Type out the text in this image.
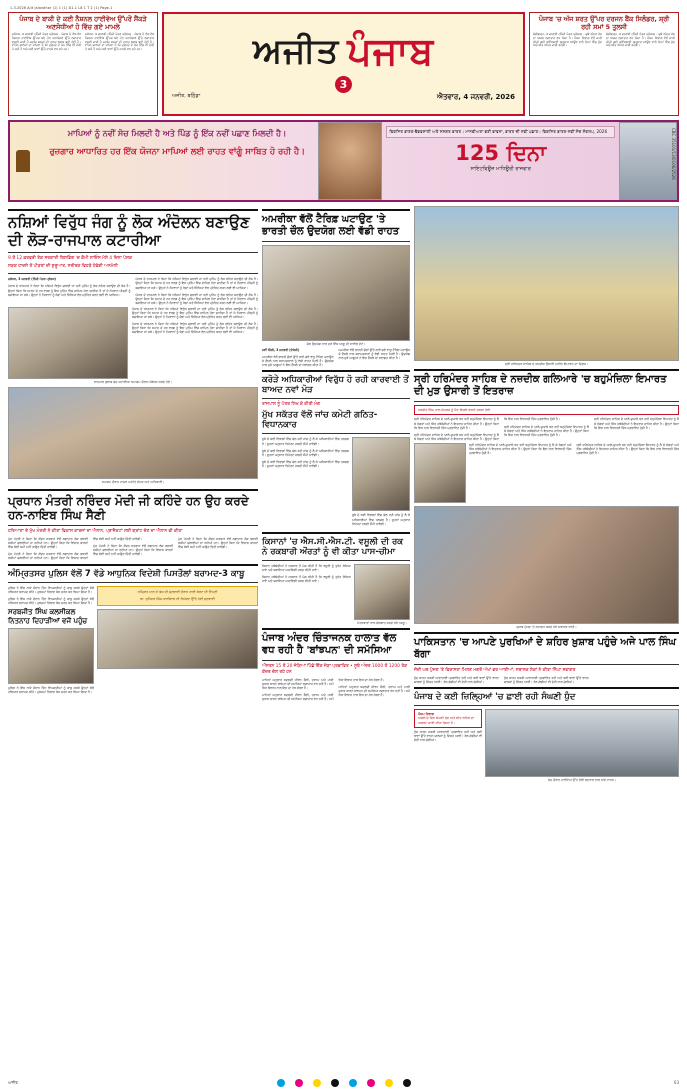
1-3-2026 Ajit Jalandhar (1) 1 (1) D1-1 L8 1 T 2 (1) Page-1
ਪੰਜਾਬ ਦੇ ਬਾਕੀ ਦੇ ਕਈ ਨੈਸ਼ਨਲ ਹਾਈਵੇਅ ਉੱਪਰੋਂ ਸੈਂਕੜੇ ਅਣਸੋਧੀਆਂ ਹੋ ਵਿੱਚ ਗਏ ਮਾਮਲੇ

ਜਲੰਧਰ, 4 ਜਨਵਰੀ (ਨਿੱਜੀ ਪੱਤਰ ਪ੍ਰੇਰਕ) - ਪੰਜਾਬ ਦੇ ਵੱਖ-ਵੱਖ ਨੈਸ਼ਨਲ ਹਾਈਵੇਅ ਉੱਪਰ ਬਣੇ ਟੋਲ ਪਲਾਜ਼ਿਆਂ ਉੱਤੇ ਲਗਾਤਾਰ ਵਸੂਲੀ ਜਾਰੀ ਹੈ ਜਦਕਿ ਸੜਕਾਂ ਦੀ ਹਾਲਤ ਖ਼ਰਾਬ ਬਣੀ ਹੋਈ ਹੈ। ਵਾਹਨ ਚਾਲਕਾਂ ਦਾ ਕਹਿਣਾ ਹੈ ਕਿ ਮੁਰੰਮਤ ਦੇ ਕੰਮ ਵਿੱਚ ਵੀ ਦੇਰੀ ਹੋ ਰਹੀ ਹੈ ਅਤੇ ਕਈ ਥਾਵਾਂ ਉੱਤੇ ਹਾਦਸੇ ਵਧ ਰਹੇ ਹਨ।

ਜਲੰਧਰ, 4 ਜਨਵਰੀ (ਨਿੱਜੀ ਪੱਤਰ ਪ੍ਰੇਰਕ) - ਪੰਜਾਬ ਦੇ ਵੱਖ-ਵੱਖ ਨੈਸ਼ਨਲ ਹਾਈਵੇਅ ਉੱਪਰ ਬਣੇ ਟੋਲ ਪਲਾਜ਼ਿਆਂ ਉੱਤੇ ਲਗਾਤਾਰ ਵਸੂਲੀ ਜਾਰੀ ਹੈ ਜਦਕਿ ਸੜਕਾਂ ਦੀ ਹਾਲਤ ਖ਼ਰਾਬ ਬਣੀ ਹੋਈ ਹੈ। ਵਾਹਨ ਚਾਲਕਾਂ ਦਾ ਕਹਿਣਾ ਹੈ ਕਿ ਮੁਰੰਮਤ ਦੇ ਕੰਮ ਵਿੱਚ ਵੀ ਦੇਰੀ ਹੋ ਰਹੀ ਹੈ ਅਤੇ ਕਈ ਥਾਵਾਂ ਉੱਤੇ ਹਾਦਸੇ ਵਧ ਰਹੇ ਹਨ।	ਅਜੀਤ ਪੰਜਾਬ
3
ਅਜੀਤ, ਬਠਿੰਡਾ	ਐਤਵਾਰ, 4 ਜਨਵਰੀ, 2026
ਪੰਜਾਬ 'ਚ ਅੱਜ ਸ਼ਰਤ ਉੱਪਰ ਦਰਜਨ ਬੈਂਕ ਸਿਲੰਡਰ, ਸ਼੍ਰੀ ਰਹੀ ਸਮਾਂ 5 ਤੁਲਸੀ

ਚੰਡੀਗੜ੍ਹ, 4 ਜਨਵਰੀ (ਨਿੱਜੀ ਪੱਤਰ ਪ੍ਰੇਰਕ) - ਸੂਬੇ ਅੰਦਰ ਠੰਢ ਦਾ ਅਸਰ ਲਗਾਤਾਰ ਵਧ ਰਿਹਾ ਹੈ। ਮੌਸਮ ਵਿਭਾਗ ਵੱਲੋਂ ਜਾਰੀ ਕੀਤੀ ਗਈ ਭਵਿੱਖਬਾਣੀ ਅਨੁਸਾਰ ਆਉਣ ਵਾਲੇ ਦਿਨਾਂ ਵਿੱਚ ਧੁੰਦ ਅਤੇ ਸੀਤ ਲਹਿਰ ਜਾਰੀ ਰਹੇਗੀ।

ਚੰਡੀਗੜ੍ਹ, 4 ਜਨਵਰੀ (ਨਿੱਜੀ ਪੱਤਰ ਪ੍ਰੇਰਕ) - ਸੂਬੇ ਅੰਦਰ ਠੰਢ ਦਾ ਅਸਰ ਲਗਾਤਾਰ ਵਧ ਰਿਹਾ ਹੈ। ਮੌਸਮ ਵਿਭਾਗ ਵੱਲੋਂ ਜਾਰੀ ਕੀਤੀ ਗਈ ਭਵਿੱਖਬਾਣੀ ਅਨੁਸਾਰ ਆਉਣ ਵਾਲੇ ਦਿਨਾਂ ਵਿੱਚ ਧੁੰਦ ਅਤੇ ਸੀਤ ਲਹਿਰ ਜਾਰੀ ਰਹੇਗੀ।

ਮਾਪਿਆਂ ਨੂੰ ਨਵੀਂ ਸੋਚ ਮਿਲਦੀ ਹੈ ਅਤੇ ਪਿੰਡ ਨੂੰ ਇੱਕ ਨਵੀਂ ਪਛਾਣ ਮਿਲਦੀ ਹੈ।
ਰੁਜ਼ਗਾਰ ਆਧਾਰਿਤ ਹਰ ਇੱਕ ਯੋਜਨਾ ਮਾਪਿਆਂ ਲਈ ਰਾਹਤ ਵਾਂਗੂੰ ਸਾਬਿਤ ਹੋ ਰਹੀ ਹੈ।
ਵਿਕਸਿਤ ਭਾਰਤ-ਵੈਭਵਸ਼ਾਲੀ ਅਤੇ ਸਸ਼ਕਤ ਭਾਰਤ। ਮਾਨਵੀਅਤਾ ਭਰੀ ਭਾਵਨਾ, ਭਾਰਤ ਦੀ ਨਵੀਂ ਪਛਾਣ। ਵਿਕਸਿਤ ਭਾਰਤ-ਨਵੀਂ ਸੋਚ ਸੰਕਲਪ, 2026
125 ਦਿਨਾ
ਸਾਇਟਵਿਊਜ਼ ਮਾਧਿਊਰੀ ਰਾਜਵਾਰ	CBC 35101/13/0106/2526
ਨਸ਼ਿਆਂ ਵਿਰੁੱਧ ਜੰਗ ਨੂੰ ਲੋਕ ਅੰਦੋਲਨ ਬਣਾਉਣ ਦੀ ਲੋੜ-ਰਾਜਪਾਲ ਕਟਾਰੀਆ
9 ਤੋਂ 12 ਫ਼ਰਵਰੀ ਤੱਕ ਸਰਕਾਰੀ ਬਿਲਡਿੰਗ 'ਚ ਕੌਮੀ ਸਾਇੰਸ ਮੇਲੇ 4 ਦਿਨਾ ਪੇਸ਼ਕ
ਸੜਕ ਹਾਦਸੇ ਤੋਂ ਪੀੜਤਾਂ ਦੀ ਸ਼ੁਰੂਆਤ, ਸਰੀਰਕ ਵਿਹੜੇ ਹੋਵੇਗੀ ਅਨਮੋਲੀ

ਜਲੰਧਰ, 3 ਜਨਵਰੀ (ਨਿੱਜੀ ਪੱਤਰ ਪ੍ਰੇਰਕ)

ਪੰਜਾਬ ਦੇ ਰਾਜਪਾਲ ਨੇ ਕਿਹਾ ਕਿ ਨਸ਼ਿਆਂ ਵਿਰੁੱਧ ਚਲਾਈ ਜਾ ਰਹੀ ਮੁਹਿੰਮ ਨੂੰ ਲੋਕ ਲਹਿਰ ਬਣਾਉਣ ਦੀ ਲੋੜ ਹੈ। ਉਨ੍ਹਾਂ ਕਿਹਾ ਕਿ ਸਮਾਜ ਦੇ ਹਰ ਵਰਗ ਨੂੰ ਇਸ ਮੁਹਿੰਮ ਵਿੱਚ ਸ਼ਾਮਿਲ ਹੋਣਾ ਚਾਹੀਦਾ ਹੈ ਤਾਂ ਜੋ ਨੌਜਵਾਨ ਪੀੜ੍ਹੀ ਨੂੰ ਬਚਾਇਆ ਜਾ ਸਕੇ। ਉਨ੍ਹਾਂ ਨੇ ਨੌਜਵਾਨਾਂ ਨੂੰ ਖੇਡਾਂ ਅਤੇ ਸਿੱਖਿਆ ਵੱਲ ਪ੍ਰੇਰਿਤ ਕਰਨ ਲਈ ਵੀ ਆਖਿਆ।

ਪੰਜਾਬ ਦੇ ਰਾਜਪਾਲ ਨੇ ਕਿਹਾ ਕਿ ਨਸ਼ਿਆਂ ਵਿਰੁੱਧ ਚਲਾਈ ਜਾ ਰਹੀ ਮੁਹਿੰਮ ਨੂੰ ਲੋਕ ਲਹਿਰ ਬਣਾਉਣ ਦੀ ਲੋੜ ਹੈ। ਉਨ੍ਹਾਂ ਕਿਹਾ ਕਿ ਸਮਾਜ ਦੇ ਹਰ ਵਰਗ ਨੂੰ ਇਸ ਮੁਹਿੰਮ ਵਿੱਚ ਸ਼ਾਮਿਲ ਹੋਣਾ ਚਾਹੀਦਾ ਹੈ ਤਾਂ ਜੋ ਨੌਜਵਾਨ ਪੀੜ੍ਹੀ ਨੂੰ ਬਚਾਇਆ ਜਾ ਸਕੇ। ਉਨ੍ਹਾਂ ਨੇ ਨੌਜਵਾਨਾਂ ਨੂੰ ਖੇਡਾਂ ਅਤੇ ਸਿੱਖਿਆ ਵੱਲ ਪ੍ਰੇਰਿਤ ਕਰਨ ਲਈ ਵੀ ਆਖਿਆ।

ਪੰਜਾਬ ਦੇ ਰਾਜਪਾਲ ਨੇ ਕਿਹਾ ਕਿ ਨਸ਼ਿਆਂ ਵਿਰੁੱਧ ਚਲਾਈ ਜਾ ਰਹੀ ਮੁਹਿੰਮ ਨੂੰ ਲੋਕ ਲਹਿਰ ਬਣਾਉਣ ਦੀ ਲੋੜ ਹੈ। ਉਨ੍ਹਾਂ ਕਿਹਾ ਕਿ ਸਮਾਜ ਦੇ ਹਰ ਵਰਗ ਨੂੰ ਇਸ ਮੁਹਿੰਮ ਵਿੱਚ ਸ਼ਾਮਿਲ ਹੋਣਾ ਚਾਹੀਦਾ ਹੈ ਤਾਂ ਜੋ ਨੌਜਵਾਨ ਪੀੜ੍ਹੀ ਨੂੰ ਬਚਾਇਆ ਜਾ ਸਕੇ। ਉਨ੍ਹਾਂ ਨੇ ਨੌਜਵਾਨਾਂ ਨੂੰ ਖੇਡਾਂ ਅਤੇ ਸਿੱਖਿਆ ਵੱਲ ਪ੍ਰੇਰਿਤ ਕਰਨ ਲਈ ਵੀ ਆਖਿਆ।

ਪੰਜਾਬ ਦੇ ਰਾਜਪਾਲ ਨੇ ਕਿਹਾ ਕਿ ਨਸ਼ਿਆਂ ਵਿਰੁੱਧ ਚਲਾਈ ਜਾ ਰਹੀ ਮੁਹਿੰਮ ਨੂੰ ਲੋਕ ਲਹਿਰ ਬਣਾਉਣ ਦੀ ਲੋੜ ਹੈ। ਉਨ੍ਹਾਂ ਕਿਹਾ ਕਿ ਸਮਾਜ ਦੇ ਹਰ ਵਰਗ ਨੂੰ ਇਸ ਮੁਹਿੰਮ ਵਿੱਚ ਸ਼ਾਮਿਲ ਹੋਣਾ ਚਾਹੀਦਾ ਹੈ ਤਾਂ ਜੋ ਨੌਜਵਾਨ ਪੀੜ੍ਹੀ ਨੂੰ ਬਚਾਇਆ ਜਾ ਸਕੇ। ਉਨ੍ਹਾਂ ਨੇ ਨੌਜਵਾਨਾਂ ਨੂੰ ਖੇਡਾਂ ਅਤੇ ਸਿੱਖਿਆ ਵੱਲ ਪ੍ਰੇਰਿਤ ਕਰਨ ਲਈ ਵੀ ਆਖਿਆ।

ਪੰਜਾਬ ਦੇ ਰਾਜਪਾਲ ਨੇ ਕਿਹਾ ਕਿ ਨਸ਼ਿਆਂ ਵਿਰੁੱਧ ਚਲਾਈ ਜਾ ਰਹੀ ਮੁਹਿੰਮ ਨੂੰ ਲੋਕ ਲਹਿਰ ਬਣਾਉਣ ਦੀ ਲੋੜ ਹੈ। ਉਨ੍ਹਾਂ ਕਿਹਾ ਕਿ ਸਮਾਜ ਦੇ ਹਰ ਵਰਗ ਨੂੰ ਇਸ ਮੁਹਿੰਮ ਵਿੱਚ ਸ਼ਾਮਿਲ ਹੋਣਾ ਚਾਹੀਦਾ ਹੈ ਤਾਂ ਜੋ ਨੌਜਵਾਨ ਪੀੜ੍ਹੀ ਨੂੰ ਬਚਾਇਆ ਜਾ ਸਕੇ। ਉਨ੍ਹਾਂ ਨੇ ਨੌਜਵਾਨਾਂ ਨੂੰ ਖੇਡਾਂ ਅਤੇ ਸਿੱਖਿਆ ਵੱਲ ਪ੍ਰੇਰਿਤ ਕਰਨ ਲਈ ਵੀ ਆਖਿਆ।

ਰਾਜਪਾਲ ਗੁਲਾਬ ਚੰਦ ਕਟਾਰੀਆ ਸਮਾਗਮ ਦੌਰਾਨ ਸੰਬੋਧਨ ਕਰਦੇ ਹੋਏ।
ਸਮਾਗਮ ਦੌਰਾਨ ਹਾਜ਼ਰ ਪਤਵੰਤੇ ਸੱਜਣ ਅਤੇ ਅਧਿਕਾਰੀ।
ਪ੍ਰਧਾਨ ਮੰਤਰੀ ਨਰਿੰਦਰ ਮੋਦੀ ਜੀ ਕਹਿੰਦੇ ਹਨ ਉਹ ਕਰਦੇ ਹਨ-ਨਾਇਬ ਸਿੰਘ ਸੈਣੀ
ਹਰਿਆਣਾ ਦੇ ਮੁੱਖ ਮੰਤਰੀ ਨੇ ਕੀਤਾ ਵਿਕਾਸ ਕਾਰਜਾਂ ਦਾ ਐਲਾਨ, ਪ੍ਰਾਜੈਕਟਾਂ ਲਈ ਗ੍ਰਾਂਟ ਦੇਣ ਦਾ ਐਲਾਨ ਵੀ ਕੀਤਾ

ਮੁੱਖ ਮੰਤਰੀ ਨੇ ਕਿਹਾ ਕਿ ਕੇਂਦਰ ਸਰਕਾਰ ਵੱਲੋਂ ਲਗਾਤਾਰ ਲੋਕ ਭਲਾਈ ਸਕੀਮਾਂ ਚਲਾਈਆਂ ਜਾ ਰਹੀਆਂ ਹਨ। ਉਨ੍ਹਾਂ ਕਿਹਾ ਕਿ ਵਿਕਾਸ ਕਾਰਜਾਂ ਵਿੱਚ ਕੋਈ ਕਮੀ ਨਹੀਂ ਆਉਣ ਦਿੱਤੀ ਜਾਵੇਗੀ।

ਮੁੱਖ ਮੰਤਰੀ ਨੇ ਕਿਹਾ ਕਿ ਕੇਂਦਰ ਸਰਕਾਰ ਵੱਲੋਂ ਲਗਾਤਾਰ ਲੋਕ ਭਲਾਈ ਸਕੀਮਾਂ ਚਲਾਈਆਂ ਜਾ ਰਹੀਆਂ ਹਨ। ਉਨ੍ਹਾਂ ਕਿਹਾ ਕਿ ਵਿਕਾਸ ਕਾਰਜਾਂ ਵਿੱਚ ਕੋਈ ਕਮੀ ਨਹੀਂ ਆਉਣ ਦਿੱਤੀ ਜਾਵੇਗੀ।

ਮੁੱਖ ਮੰਤਰੀ ਨੇ ਕਿਹਾ ਕਿ ਕੇਂਦਰ ਸਰਕਾਰ ਵੱਲੋਂ ਲਗਾਤਾਰ ਲੋਕ ਭਲਾਈ ਸਕੀਮਾਂ ਚਲਾਈਆਂ ਜਾ ਰਹੀਆਂ ਹਨ। ਉਨ੍ਹਾਂ ਕਿਹਾ ਕਿ ਵਿਕਾਸ ਕਾਰਜਾਂ ਵਿੱਚ ਕੋਈ ਕਮੀ ਨਹੀਂ ਆਉਣ ਦਿੱਤੀ ਜਾਵੇਗੀ।

ਮੁੱਖ ਮੰਤਰੀ ਨੇ ਕਿਹਾ ਕਿ ਕੇਂਦਰ ਸਰਕਾਰ ਵੱਲੋਂ ਲਗਾਤਾਰ ਲੋਕ ਭਲਾਈ ਸਕੀਮਾਂ ਚਲਾਈਆਂ ਜਾ ਰਹੀਆਂ ਹਨ। ਉਨ੍ਹਾਂ ਕਿਹਾ ਕਿ ਵਿਕਾਸ ਕਾਰਜਾਂ ਵਿੱਚ ਕੋਈ ਕਮੀ ਨਹੀਂ ਆਉਣ ਦਿੱਤੀ ਜਾਵੇਗੀ।

ਅੰਮ੍ਰਿਤਸਰ ਪੁਲਿਸ ਵੱਲੋਂ 7 ਵੱਡੇ ਆਧੁਨਿਕ ਵਿਦੇਸ਼ੀ ਪਿਸਤੌਲਾਂ ਬਰਾਮਦ-3 ਕਾਬੂ

ਪੁਲਿਸ ਨੇ ਇੱਕ ਨਾਕੇ ਦੌਰਾਨ ਤਿੰਨ ਵਿਅਕਤੀਆਂ ਨੂੰ ਕਾਬੂ ਕਰਕੇ ਉਨ੍ਹਾਂ ਕੋਲੋਂ ਹਥਿਆਰ ਬਰਾਮਦ ਕੀਤੇ। ਮੁਲਜ਼ਮਾਂ ਖ਼ਿਲਾਫ਼ ਕੇਸ ਦਰਜ ਕਰ ਲਿਆ ਗਿਆ ਹੈ।

ਪੁਲਿਸ ਨੇ ਇੱਕ ਨਾਕੇ ਦੌਰਾਨ ਤਿੰਨ ਵਿਅਕਤੀਆਂ ਨੂੰ ਕਾਬੂ ਕਰਕੇ ਉਨ੍ਹਾਂ ਕੋਲੋਂ ਹਥਿਆਰ ਬਰਾਮਦ ਕੀਤੇ। ਮੁਲਜ਼ਮਾਂ ਖ਼ਿਲਾਫ਼ ਕੇਸ ਦਰਜ ਕਰ ਲਿਆ ਗਿਆ ਹੈ।

ਸਰਬਜੀਤ ਸਿੰਘ ਕਲਸੀਕਲ ਨਿਤਨਾਹ ਦਿਹਾੜੀਆਂ ਵਜੋਂ ਪਹੁੰਚ

ਪੁਲਿਸ ਨੇ ਇੱਕ ਨਾਕੇ ਦੌਰਾਨ ਤਿੰਨ ਵਿਅਕਤੀਆਂ ਨੂੰ ਕਾਬੂ ਕਰਕੇ ਉਨ੍ਹਾਂ ਕੋਲੋਂ ਹਥਿਆਰ ਬਰਾਮਦ ਕੀਤੇ। ਮੁਲਜ਼ਮਾਂ ਖ਼ਿਲਾਫ਼ ਕੇਸ ਦਰਜ ਕਰ ਲਿਆ ਗਿਆ ਹੈ।

ਅੰਮ੍ਰਿਤ ਪਾਲ ਦੇ ਕੇਸ ਦੀ ਸੁਣਵਾਈ ਦੌਰਾਨ ਹਾਈ ਕੋਰਟ ਦੀ ਟਿੱਪਣੀ
ਡਾ. ਭੁਪਿੰਦਰ ਸਿੰਘ ਧਾਲੀਵਾਲ ਦੀ ਰਿਪੋਰਟ ਉੱਤੇ ਹੋਈ ਸੁਣਵਾਈ
ਅਮਰੀਕਾ ਵੱਲੋਂ ਟੈਰਿਫ਼ ਘਟਾਉਣ 'ਤੇ ਭਾਰਤੀ ਚੌਲ ਉਦਯੋਗ ਲਈ ਵੱਡੀ ਰਾਹਤ
ਚੌਲ ਉਦਯੋਗ ਨਾਲ ਜੁੜੇ ਇੱਕ ਆਗੂ ਦੀ ਫਾਈਲ ਫ਼ੋਟੋ।

ਨਵੀਂ ਦਿੱਲੀ, 3 ਜਨਵਰੀ (ਏਜੰਸੀ)

ਅਮਰੀਕਾ ਵੱਲੋਂ ਭਾਰਤੀ ਚੌਲਾਂ ਉੱਤੇ ਲਾਏ ਗਏ ਵਾਧੂ ਟੈਰਿਫ਼ ਘਟਾਉਣ ਦੇ ਫ਼ੈਸਲੇ ਨਾਲ ਬਰਾਮਦਕਾਰਾਂ ਨੂੰ ਵੱਡੀ ਰਾਹਤ ਮਿਲੀ ਹੈ। ਉਦਯੋਗ ਨਾਲ ਜੁੜੇ ਆਗੂਆਂ ਨੇ ਇਸ ਫ਼ੈਸਲੇ ਦਾ ਸਵਾਗਤ ਕੀਤਾ ਹੈ।

ਅਮਰੀਕਾ ਵੱਲੋਂ ਭਾਰਤੀ ਚੌਲਾਂ ਉੱਤੇ ਲਾਏ ਗਏ ਵਾਧੂ ਟੈਰਿਫ਼ ਘਟਾਉਣ ਦੇ ਫ਼ੈਸਲੇ ਨਾਲ ਬਰਾਮਦਕਾਰਾਂ ਨੂੰ ਵੱਡੀ ਰਾਹਤ ਮਿਲੀ ਹੈ। ਉਦਯੋਗ ਨਾਲ ਜੁੜੇ ਆਗੂਆਂ ਨੇ ਇਸ ਫ਼ੈਸਲੇ ਦਾ ਸਵਾਗਤ ਕੀਤਾ ਹੈ।

ਕਰੋੜੇ ਅਧਿਕਾਰੀਆਂ ਵਿਰੁੱਧ ਹੋ ਰਹੀ ਕਾਰਵਾਈ ਤੋਂ ਬਾਅਦ ਨਵਾਂ ਮੋੜ
ਰਾਜਪਾਲ ਨੂੰ ਪੱਤਰ ਲਿਖ ਕੇ ਕੀਤੀ ਮੰਗ
ਮੁੱਖ ਸਕੱਤਰ ਵੱਲੋਂ ਜਾਂਚ ਕਮੇਟੀ ਗਠਿਤ-ਵਿਧਾਨਕਾਰ

ਸੂਬੇ ਦੇ ਕਈ ਵਿਭਾਗਾਂ ਵਿੱਚ ਚੱਲ ਰਹੀ ਜਾਂਚ ਨੂੰ ਲੈ ਕੇ ਅਧਿਕਾਰੀਆਂ ਵਿੱਚ ਹਲਚਲ ਹੈ। ਸੂਤਰਾਂ ਅਨੁਸਾਰ ਰਿਪੋਰਟ ਜਲਦੀ ਸੌਂਪੀ ਜਾਵੇਗੀ।

ਸੂਬੇ ਦੇ ਕਈ ਵਿਭਾਗਾਂ ਵਿੱਚ ਚੱਲ ਰਹੀ ਜਾਂਚ ਨੂੰ ਲੈ ਕੇ ਅਧਿਕਾਰੀਆਂ ਵਿੱਚ ਹਲਚਲ ਹੈ। ਸੂਤਰਾਂ ਅਨੁਸਾਰ ਰਿਪੋਰਟ ਜਲਦੀ ਸੌਂਪੀ ਜਾਵੇਗੀ।

ਸੂਬੇ ਦੇ ਕਈ ਵਿਭਾਗਾਂ ਵਿੱਚ ਚੱਲ ਰਹੀ ਜਾਂਚ ਨੂੰ ਲੈ ਕੇ ਅਧਿਕਾਰੀਆਂ ਵਿੱਚ ਹਲਚਲ ਹੈ। ਸੂਤਰਾਂ ਅਨੁਸਾਰ ਰਿਪੋਰਟ ਜਲਦੀ ਸੌਂਪੀ ਜਾਵੇਗੀ।

ਸੂਬੇ ਦੇ ਕਈ ਵਿਭਾਗਾਂ ਵਿੱਚ ਚੱਲ ਰਹੀ ਜਾਂਚ ਨੂੰ ਲੈ ਕੇ ਅਧਿਕਾਰੀਆਂ ਵਿੱਚ ਹਲਚਲ ਹੈ। ਸੂਤਰਾਂ ਅਨੁਸਾਰ ਰਿਪੋਰਟ ਜਲਦੀ ਸੌਂਪੀ ਜਾਵੇਗੀ।

ਕਿਸਾਨਾਂ 'ਚ ਐਸ.ਸੀ.ਐਸ.ਟੀ. ਵਸੂਲੀ ਦੀ ਰਕ ਨੇ ਰਕਬਾਰੀ ਔਰਤਾਂ ਨੂੰ ਵੀ ਕੀਤਾ ਪਾਸ-ਚੀਮਾ

ਕਿਸਾਨ ਜਥੇਬੰਦੀਆਂ ਨੇ ਸਰਕਾਰ ਤੋਂ ਮੰਗ ਕੀਤੀ ਹੈ ਕਿ ਵਸੂਲੀ ਨੂੰ ਤੁਰੰਤ ਰੋਕਿਆ ਜਾਵੇ ਅਤੇ ਬਕਾਇਆ ਅਦਾਇਗੀ ਜਲਦ ਕੀਤੀ ਜਾਵੇ।

ਕਿਸਾਨ ਜਥੇਬੰਦੀਆਂ ਨੇ ਸਰਕਾਰ ਤੋਂ ਮੰਗ ਕੀਤੀ ਹੈ ਕਿ ਵਸੂਲੀ ਨੂੰ ਤੁਰੰਤ ਰੋਕਿਆ ਜਾਵੇ ਅਤੇ ਬਕਾਇਆ ਅਦਾਇਗੀ ਜਲਦ ਕੀਤੀ ਜਾਵੇ।

ਪੱਤਰਕਾਰਾਂ ਨਾਲ ਗੱਲਬਾਤ ਕਰਦੇ ਹੋਏ ਆਗੂ।
ਪੰਜਾਬ ਅੰਦਰ ਚਿੰਤਾਜਨਕ ਹਾਲਾਤ ਵੱਲ ਵਧ ਰਹੀ ਹੈ 'ਬਾਂਝਪਨ' ਦੀ ਸਮੱਸਿਆ
ਔਸਤਨ 15 ਤੋਂ 20 ਜੋੜਿਆਂ ਪਿੱਛੋਂ ਇੱਕ ਜੋੜਾ ਪ੍ਰਭਾਵਿਤ • ਸੂਬੇ ਅੰਦਰ 1000 ਤੋਂ 1200 ਤੱਕ ਕੇਂਦਰ ਚੱਲ ਰਹੇ ਹਨ

ਮਾਹਿਰਾਂ ਅਨੁਸਾਰ ਬਦਲਦੀ ਜੀਵਨ ਸ਼ੈਲੀ, ਤਣਾਅ ਅਤੇ ਮਾੜੀ ਖ਼ੁਰਾਕ ਕਾਰਨ ਬਾਂਝਪਨ ਦੀ ਸਮੱਸਿਆ ਲਗਾਤਾਰ ਵਧ ਰਹੀ ਹੈ। ਸਮੇਂ ਸਿਰ ਇਲਾਜ ਨਾਲ ਇਸ ਦਾ ਹੱਲ ਸੰਭਵ ਹੈ।

ਮਾਹਿਰਾਂ ਅਨੁਸਾਰ ਬਦਲਦੀ ਜੀਵਨ ਸ਼ੈਲੀ, ਤਣਾਅ ਅਤੇ ਮਾੜੀ ਖ਼ੁਰਾਕ ਕਾਰਨ ਬਾਂਝਪਨ ਦੀ ਸਮੱਸਿਆ ਲਗਾਤਾਰ ਵਧ ਰਹੀ ਹੈ। ਸਮੇਂ ਸਿਰ ਇਲਾਜ ਨਾਲ ਇਸ ਦਾ ਹੱਲ ਸੰਭਵ ਹੈ।

ਮਾਹਿਰਾਂ ਅਨੁਸਾਰ ਬਦਲਦੀ ਜੀਵਨ ਸ਼ੈਲੀ, ਤਣਾਅ ਅਤੇ ਮਾੜੀ ਖ਼ੁਰਾਕ ਕਾਰਨ ਬਾਂਝਪਨ ਦੀ ਸਮੱਸਿਆ ਲਗਾਤਾਰ ਵਧ ਰਹੀ ਹੈ। ਸਮੇਂ ਸਿਰ ਇਲਾਜ ਨਾਲ ਇਸ ਦਾ ਹੱਲ ਸੰਭਵ ਹੈ।

ਸ੍ਰੀ ਹਰਿਮੰਦਰ ਸਾਹਿਬ ਦੇ ਨਜ਼ਦੀਕ ਉਸਾਰੀ ਅਧੀਨ ਇਮਾਰਤ ਦਾ ਦ੍ਰਿਸ਼।
ਸ੍ਰੀ ਹਰਿਮੰਦਰ ਸਾਹਿਬ ਦੇ ਨਜ਼ਦੀਕ ਗਲਿਆਰੇ 'ਚ ਬਹੁਮੰਜ਼ਿਲਾ ਇਮਾਰਤ ਦੀ ਮੁੜ ਉਸਾਰੀ ਤੋਂ ਇਤਰਾਜ਼
ਹਰਜੀਤ ਸਿੰਘ ਨਾਲ ਸੰਪਰਕ ਨੂੰ ਪੈਣ ਵਿਚਲੇ ਵਾਸਤੇ ਚਰਚਾ ਹੋਈ

ਸ੍ਰੀ ਹਰਿਮੰਦਰ ਸਾਹਿਬ ਦੇ ਆਲੇ-ਦੁਆਲੇ ਬਣ ਰਹੀ ਬਹੁਮੰਜ਼ਿਲਾ ਇਮਾਰਤ ਨੂੰ ਲੈ ਕੇ ਸੰਗਤਾਂ ਅਤੇ ਸਿੱਖ ਜਥੇਬੰਦੀਆਂ ਨੇ ਇਤਰਾਜ਼ ਜ਼ਾਹਿਰ ਕੀਤਾ ਹੈ। ਉਨ੍ਹਾਂ ਕਿਹਾ ਕਿ ਇਸ ਨਾਲ ਵਿਰਾਸਤੀ ਦਿੱਖ ਪ੍ਰਭਾਵਿਤ ਹੁੰਦੀ ਹੈ।

ਸ੍ਰੀ ਹਰਿਮੰਦਰ ਸਾਹਿਬ ਦੇ ਆਲੇ-ਦੁਆਲੇ ਬਣ ਰਹੀ ਬਹੁਮੰਜ਼ਿਲਾ ਇਮਾਰਤ ਨੂੰ ਲੈ ਕੇ ਸੰਗਤਾਂ ਅਤੇ ਸਿੱਖ ਜਥੇਬੰਦੀਆਂ ਨੇ ਇਤਰਾਜ਼ ਜ਼ਾਹਿਰ ਕੀਤਾ ਹੈ। ਉਨ੍ਹਾਂ ਕਿਹਾ ਕਿ ਇਸ ਨਾਲ ਵਿਰਾਸਤੀ ਦਿੱਖ ਪ੍ਰਭਾਵਿਤ ਹੁੰਦੀ ਹੈ।

ਸ੍ਰੀ ਹਰਿਮੰਦਰ ਸਾਹਿਬ ਦੇ ਆਲੇ-ਦੁਆਲੇ ਬਣ ਰਹੀ ਬਹੁਮੰਜ਼ਿਲਾ ਇਮਾਰਤ ਨੂੰ ਲੈ ਕੇ ਸੰਗਤਾਂ ਅਤੇ ਸਿੱਖ ਜਥੇਬੰਦੀਆਂ ਨੇ ਇਤਰਾਜ਼ ਜ਼ਾਹਿਰ ਕੀਤਾ ਹੈ। ਉਨ੍ਹਾਂ ਕਿਹਾ ਕਿ ਇਸ ਨਾਲ ਵਿਰਾਸਤੀ ਦਿੱਖ ਪ੍ਰਭਾਵਿਤ ਹੁੰਦੀ ਹੈ।

ਸ੍ਰੀ ਹਰਿਮੰਦਰ ਸਾਹਿਬ ਦੇ ਆਲੇ-ਦੁਆਲੇ ਬਣ ਰਹੀ ਬਹੁਮੰਜ਼ਿਲਾ ਇਮਾਰਤ ਨੂੰ ਲੈ ਕੇ ਸੰਗਤਾਂ ਅਤੇ ਸਿੱਖ ਜਥੇਬੰਦੀਆਂ ਨੇ ਇਤਰਾਜ਼ ਜ਼ਾਹਿਰ ਕੀਤਾ ਹੈ। ਉਨ੍ਹਾਂ ਕਿਹਾ ਕਿ ਇਸ ਨਾਲ ਵਿਰਾਸਤੀ ਦਿੱਖ ਪ੍ਰਭਾਵਿਤ ਹੁੰਦੀ ਹੈ।

ਸ੍ਰੀ ਹਰਿਮੰਦਰ ਸਾਹਿਬ ਦੇ ਆਲੇ-ਦੁਆਲੇ ਬਣ ਰਹੀ ਬਹੁਮੰਜ਼ਿਲਾ ਇਮਾਰਤ ਨੂੰ ਲੈ ਕੇ ਸੰਗਤਾਂ ਅਤੇ ਸਿੱਖ ਜਥੇਬੰਦੀਆਂ ਨੇ ਇਤਰਾਜ਼ ਜ਼ਾਹਿਰ ਕੀਤਾ ਹੈ। ਉਨ੍ਹਾਂ ਕਿਹਾ ਕਿ ਇਸ ਨਾਲ ਵਿਰਾਸਤੀ ਦਿੱਖ ਪ੍ਰਭਾਵਿਤ ਹੁੰਦੀ ਹੈ।

ਸ੍ਰੀ ਹਰਿਮੰਦਰ ਸਾਹਿਬ ਦੇ ਆਲੇ-ਦੁਆਲੇ ਬਣ ਰਹੀ ਬਹੁਮੰਜ਼ਿਲਾ ਇਮਾਰਤ ਨੂੰ ਲੈ ਕੇ ਸੰਗਤਾਂ ਅਤੇ ਸਿੱਖ ਜਥੇਬੰਦੀਆਂ ਨੇ ਇਤਰਾਜ਼ ਜ਼ਾਹਿਰ ਕੀਤਾ ਹੈ। ਉਨ੍ਹਾਂ ਕਿਹਾ ਕਿ ਇਸ ਨਾਲ ਵਿਰਾਸਤੀ ਦਿੱਖ ਪ੍ਰਭਾਵਿਤ ਹੁੰਦੀ ਹੈ।

ਖ਼ੁਸ਼ਾਬ ਪੁੱਜਣ 'ਤੇ ਸਵਾਗਤ ਕਰਦੇ ਹੋਏ ਸਥਾਨਕ ਵਾਸੀ।
ਪਾਕਿਸਤਾਨ 'ਚ ਆਪਣੇ ਪੁਰਖਿਆਂ ਦੇ ਸ਼ਹਿਰ ਖ਼ੁਸ਼ਾਬ ਪਹੁੰਚੇ ਅਜੇ ਪਾਲ ਸਿੰਘ ਬੱਗਾ
ਜੱਦੀ ਘਰ ਪੁੱਜਣ 'ਤੇ ਵਿਰਾਸਤਾ ਮਿਲਣ ਮਗਰੋਂ ਅੱਖਾਂ ਭਰ ਆਈਆਂ, ਸਥਾਨਕ ਲੋਕਾਂ ਨੇ ਕੀਤਾ ਨਿੱਘਾ ਸਵਾਗਤ

ਧੁੰਦ ਕਾਰਨ ਸੜਕੀ ਆਵਾਜਾਈ ਪ੍ਰਭਾਵਿਤ ਰਹੀ ਅਤੇ ਕਈ ਥਾਵਾਂ ਉੱਤੇ ਵਾਹਨ ਚਾਲਕਾਂ ਨੂੰ ਦਿੱਕਤ ਆਈ। ਰੇਲ ਗੱਡੀਆਂ ਵੀ ਦੇਰੀ ਨਾਲ ਚੱਲੀਆਂ।

ਧੁੰਦ ਕਾਰਨ ਸੜਕੀ ਆਵਾਜਾਈ ਪ੍ਰਭਾਵਿਤ ਰਹੀ ਅਤੇ ਕਈ ਥਾਵਾਂ ਉੱਤੇ ਵਾਹਨ ਚਾਲਕਾਂ ਨੂੰ ਦਿੱਕਤ ਆਈ। ਰੇਲ ਗੱਡੀਆਂ ਵੀ ਦੇਰੀ ਨਾਲ ਚੱਲੀਆਂ।

ਪੰਜਾਬ ਦੇ ਕਈ ਜ਼ਿਲ੍ਹਿਆਂ 'ਚ ਛਾਈ ਰਹੀ ਸੰਘਣੀ ਧੁੰਦ
ਮੌਸਮ ਵਿਭਾਗ
ਅਗਲੇ ਦੋ ਦਿਨ ਸੰਘਣੀ ਧੁੰਦ ਅਤੇ ਸੀਤ ਲਹਿਰ ਦਾ ਅਲਰਟ ਜਾਰੀ ਕੀਤਾ ਗਿਆ ਹੈ।

ਧੁੰਦ ਕਾਰਨ ਸੜਕੀ ਆਵਾਜਾਈ ਪ੍ਰਭਾਵਿਤ ਰਹੀ ਅਤੇ ਕਈ ਥਾਵਾਂ ਉੱਤੇ ਵਾਹਨ ਚਾਲਕਾਂ ਨੂੰ ਦਿੱਕਤ ਆਈ। ਰੇਲ ਗੱਡੀਆਂ ਵੀ ਦੇਰੀ ਨਾਲ ਚੱਲੀਆਂ।

ਧੁੰਦ ਦੌਰਾਨ ਹਾਈਵੇਅ ਉੱਤੇ ਹੌਲੀ ਰਫ਼ਤਾਰ ਨਾਲ ਜਾਂਦੇ ਵਾਹਨ।
ਅਜੀਤ	03
